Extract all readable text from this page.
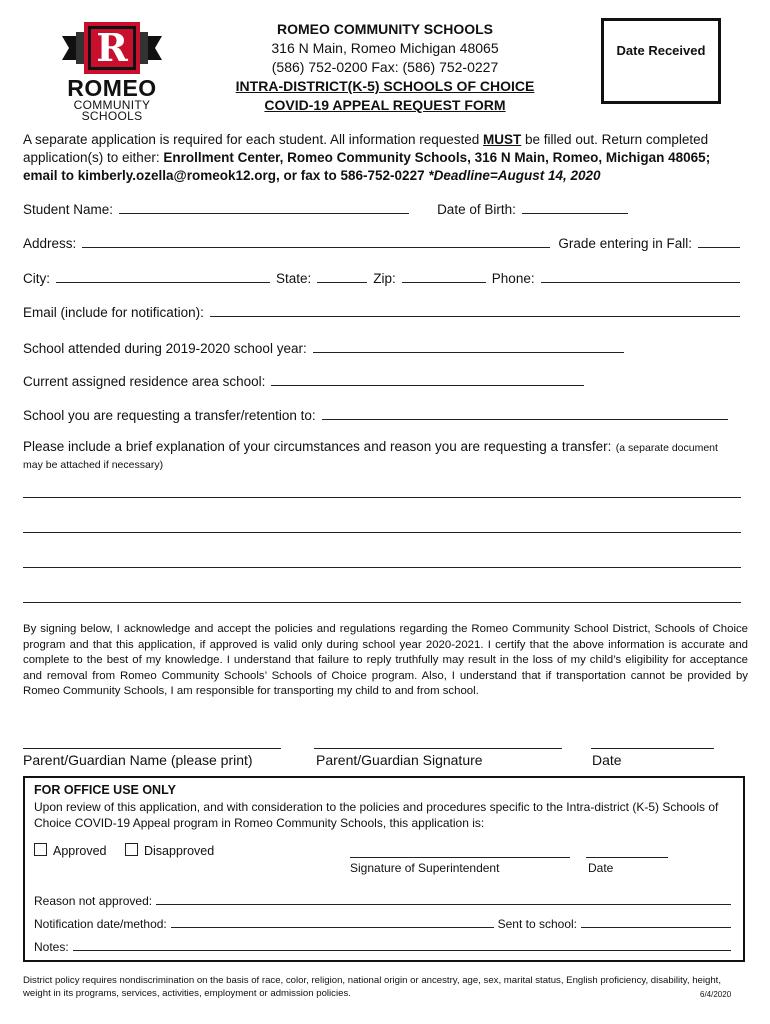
R
ROMEO
COMMUNITY
SCHOOLS
ROMEO COMMUNITY SCHOOLS
316 N Main, Romeo Michigan 48065
(586) 752-0200 Fax: (586) 752-0227
INTRA-DISTRICT(K-5) SCHOOLS OF CHOICE
COVID-19 APPEAL REQUEST FORM
Date Received
A separate application is required for each student. All information requested MUST be filled out. Return completed application(s) to either: Enrollment Center, Romeo Community Schools, 316 N Main, Romeo, Michigan 48065; email to kimberly.ozella@romeok12.org, or fax to 586-752-0227 *Deadline=August 14, 2020
Student Name:	Date of Birth:
Address:	Grade entering in Fall:
City:	State:	Zip:	Phone:
Email (include for notification):
School attended during 2019-2020 school year:
Current assigned residence area school:
School you are requesting a transfer/retention to:
Please include a brief explanation of your circumstances and reason you are requesting a transfer: (a separate document
may be attached if necessary)
By signing below, I acknowledge and accept the policies and regulations regarding the Romeo Community School District, Schools of Choice program and that this application, if approved is valid only during school year 2020-2021. I certify that the above information is accurate and complete to the best of my knowledge. I understand that failure to reply truthfully may result in the loss of my child’s eligibility for acceptance and removal from Romeo Community Schools’ Schools of Choice program. Also, I understand that if transportation cannot be provided by Romeo Community Schools, I am responsible for transporting my child to and from school.
Parent/Guardian Name (please print)	Parent/Guardian Signature	Date
FOR OFFICE USE ONLY
Upon review of this application, and with consideration to the policies and procedures specific to the Intra-district (K-5) Schools of Choice COVID-19 Appeal program in Romeo Community Schools, this application is:
Approved	Disapproved
Signature of Superintendent	Date
Reason not approved:
Notification date/method:	Sent to school:
Notes:
District policy requires nondiscrimination on the basis of race, color, religion, national origin or ancestry, age, sex, marital status, English proficiency, disability, height, weight in its programs, services, activities, employment or admission policies.	6/4/2020
